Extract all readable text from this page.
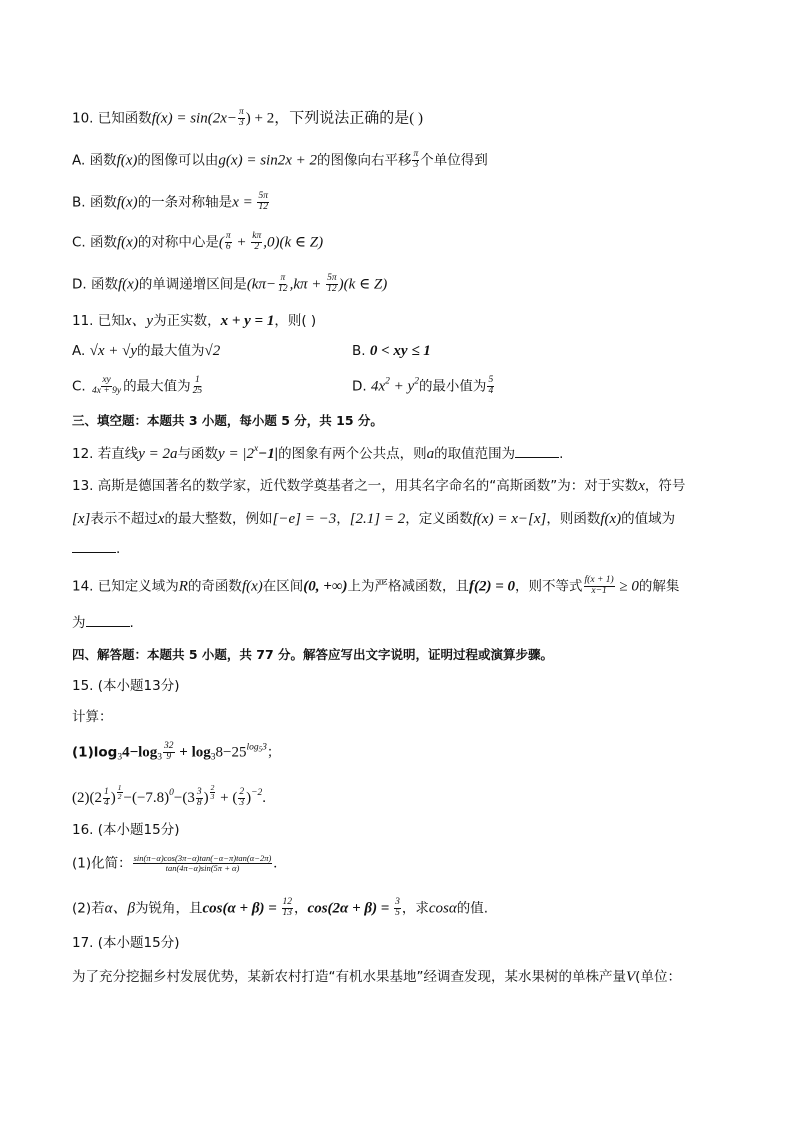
10. 已知函数$f(x) = \sin(2x- \frac{\pi}{3}$ ) + 2，下列说法正确的是( )
A. 函数f(x)的图像可以由g(x) = sin2x + 2的图像向右平移 $\frac{\pi}{3}$ 个单位得到
B. 函数f(x)的一条对称轴是$x = \frac{5\pi}{12}$
C. 函数f(x)的对称中心是( $\frac{\pi}{6} + \frac{k\pi}{2} ,0)(k$ ∈ Z)
D. 函数f(x)的单调递增区间是$(k\pi- \frac{\pi}{12} ,k\pi + \frac{5\pi}{12} )(k$ ∈ Z)
11. 已知x、y为正实数，x + y = 1，则( )
A. √x + √y的最大值为√2	B. 0 < xy ≤ 1
C. $\frac{xy}{4x + 9y}$ 的最大值为 $\frac{1}{25}$	D. $4x^2 + y^2$的最小值为 $\frac{5}{4}$
三、填空题：本题共 3 小题，每小题 5 分，共 15 分。
12. 若直线y = 2a与函数$y = |2^x-1|$的图象有两个公共点，则a的取值范围为	.
13. 高斯是德国著名的数学家，近代数学奠基者之一，用其名字命名的“高斯函数”为：对于实数x，符号
[x]表示不超过x的最大整数，例如[−e] = −3，[2.1] = 2，定义函数f(x) = x−[x]，则函数f(x)的值域为
.
14. 已知定义域为R的奇函数f(x)在区间(0, +∞)上为严格减函数，且f(2) = 0，则不等式 $\frac{f(x + 1)}{x-1} \ge 0$的解集
为	.
四、解答题：本题共 5 小题，共 77 分。解答应写出文字说明，证明过程或演算步骤。
15. (本小题13分)
计算：
$(1)\log_34-\log_3 \frac{32}{9} + \log_38-25^{log53}$；
$(2)(2 \frac{1}{4}$ ) $\frac{1}{2} -(-7.8)^0-(3 \frac{3}{8}$ ) $\frac{2}{3}$ + ( $\frac{2}{3} )^{-2}$.
16. (本小题15分)
(1)化简： $\frac{\sin(\pi-\alpha)\cos(3\pi-\alpha)\tan(-\alpha-\pi)\tan(\alpha-2\pi)}{\tan(4\pi-\alpha)\sin(5\pi + \alpha)}$ .
(2)若α、β为锐角，且$\cos(\alpha + \beta) = \frac{12}{13}$ ，$\cos(2\alpha + \beta) = \frac{3}{5}$ ，求cosα的值.
17. (本小题15分)
为了充分挖掘乡村发展优势，某新农村打造“有机水果基地”经调查发现，某水果树的单株产量V(单位：
